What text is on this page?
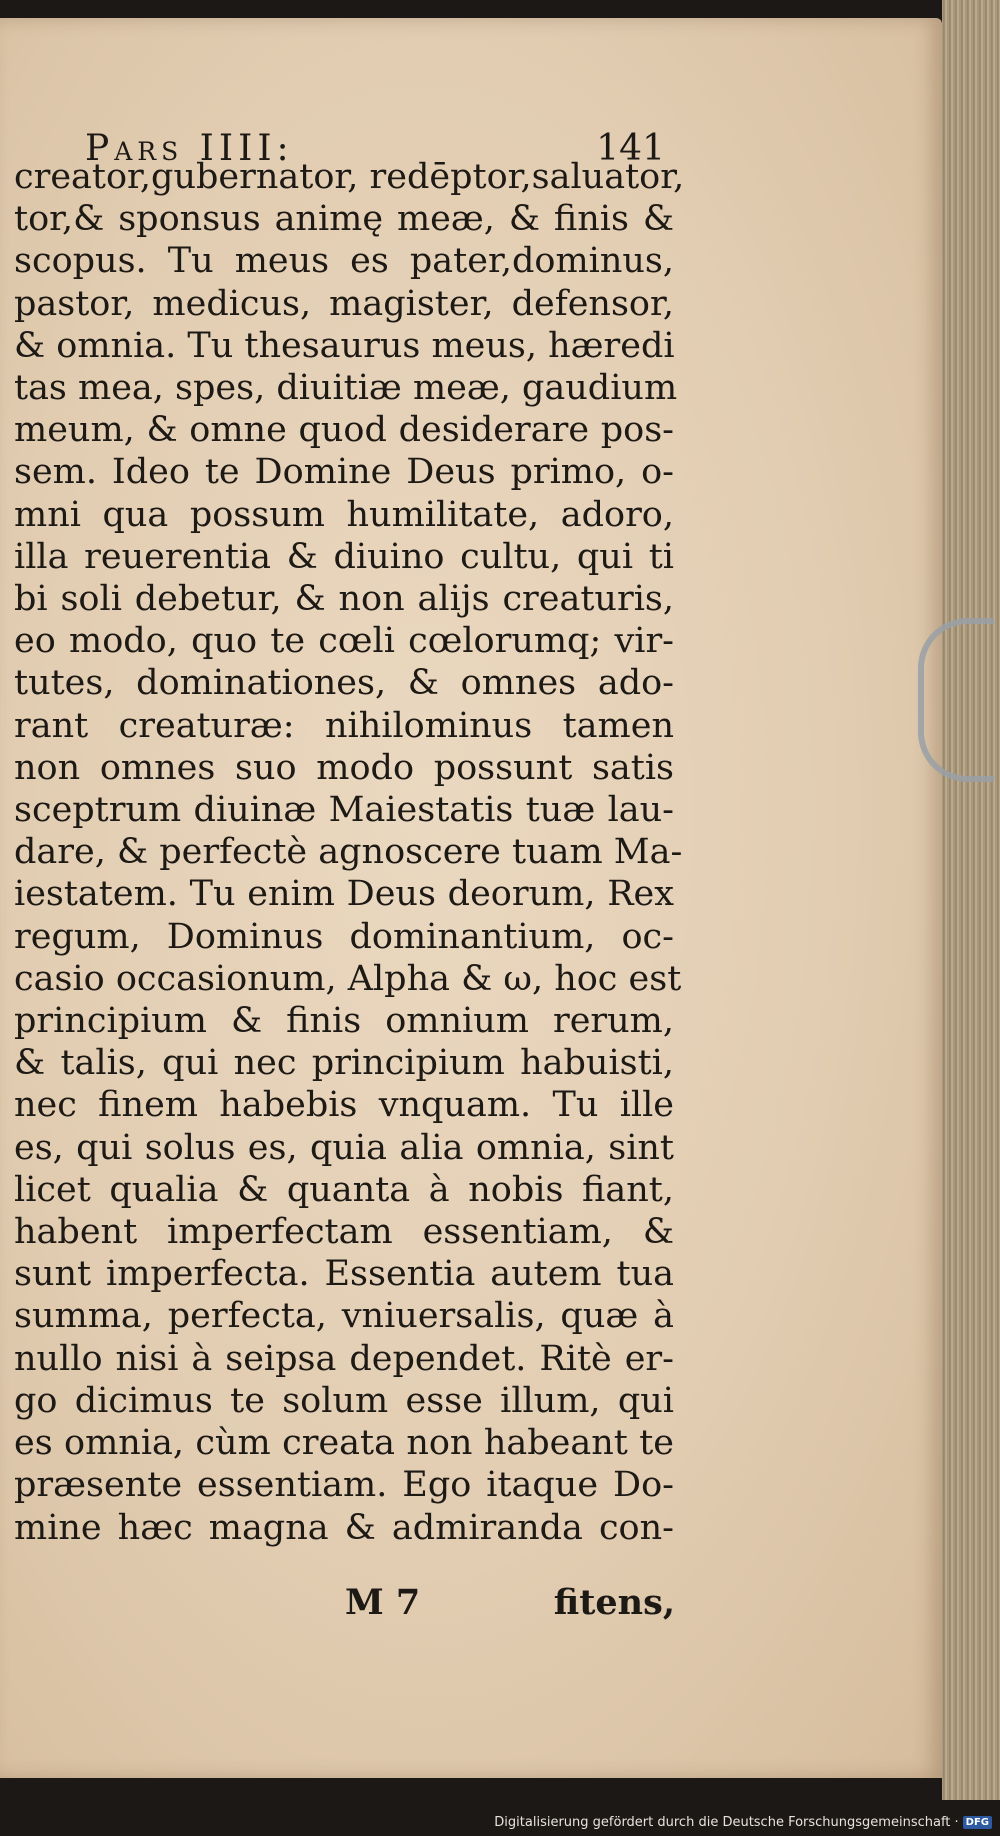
Pars IIII:	141
creator,gubernator, redēptor,saluator,
tor,& sponsus animę meæ, & finis &
scopus. Tu meus es pater,dominus,
pastor, medicus, magister, defensor,
& omnia. Tu thesaurus meus, hæredi
tas mea, spes, diuitiæ meæ, gaudium
meum, & omne quod desiderare pos-
sem. Ideo te Domine Deus primo, o-
mni qua possum humilitate, adoro,
illa reuerentia & diuino cultu, qui ti
bi soli debetur, & non alijs creaturis,
eo modo, quo te cœli cœlorumq; vir-
tutes, dominationes, & omnes ado-
rant creaturæ: nihilominus tamen
non omnes suo modo possunt satis
sceptrum diuinæ Maiestatis tuæ lau-
dare, & perfectè agnoscere tuam Ma-
iestatem. Tu enim Deus deorum, Rex
regum, Dominus dominantium, oc-
casio occasionum, Alpha & ω, hoc est
principium & finis omnium rerum,
& talis, qui nec principium habuisti,
nec finem habebis vnquam. Tu ille
es, qui solus es, quia alia omnia, sint
licet qualia & quanta à nobis fiant,
habent imperfectam essentiam, &
sunt imperfecta. Essentia autem tua
summa, perfecta, vniuersalis, quæ à
nullo nisi à seipsa dependet. Ritè er-
go dicimus te solum esse illum, qui
es omnia, cùm creata non habeant te
præsente essentiam. Ego itaque Do-
mine hæc magna & admiranda con-
M 7	fitens,
Digitalisierung gefördert durch die Deutsche Forschungsgemeinschaft · DFG
